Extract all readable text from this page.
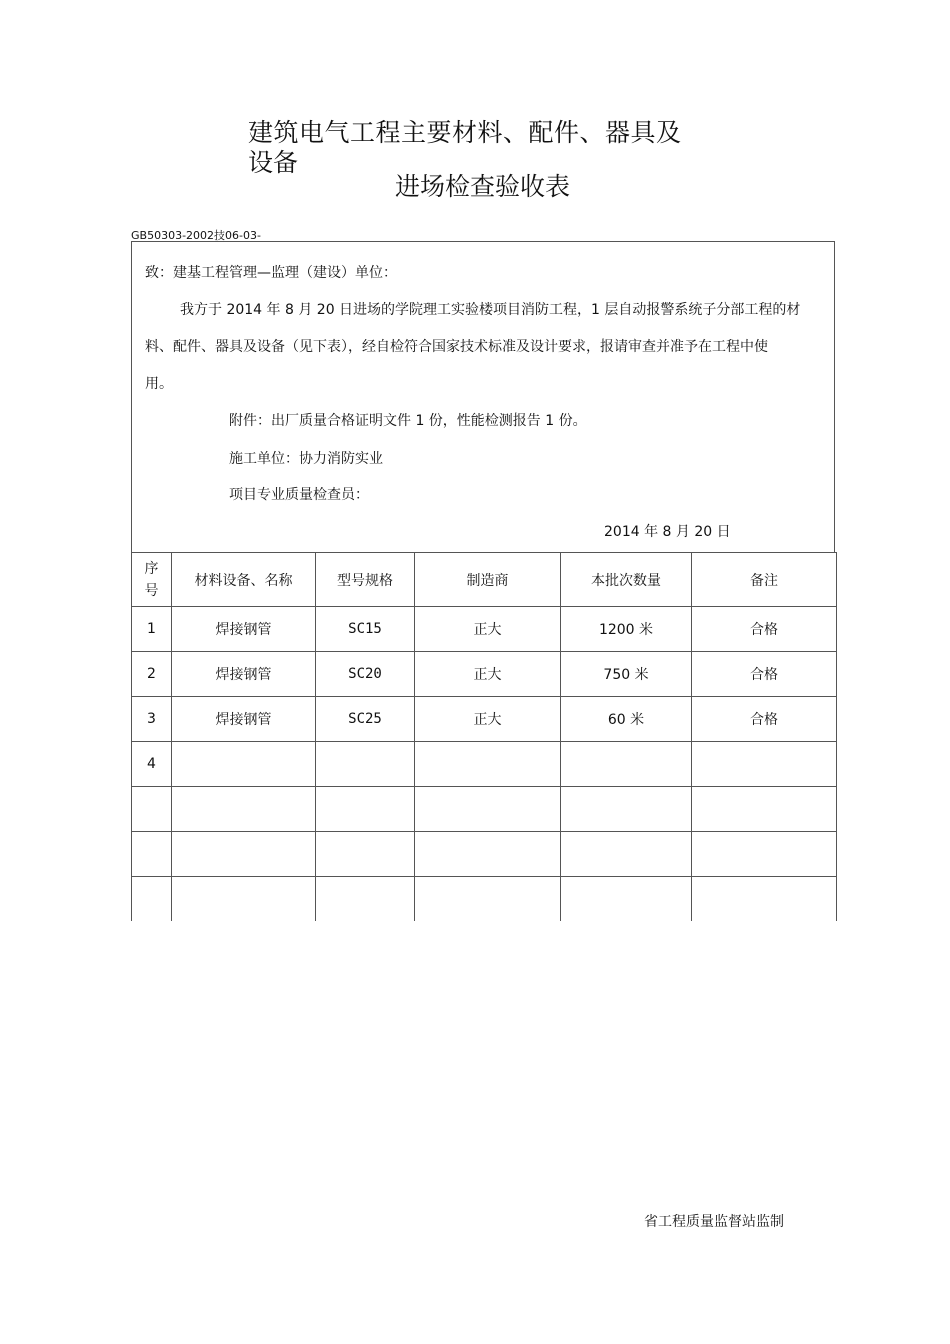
建筑电气工程主要材料、配件、器具及
设备
进场检查验收表
GB50303-2002技06-03-
致：建基工程管理—监理（建设）单位：
我方于 2014 年 8 月 20 日进场的学院理工实验楼项目消防工程，1 层自动报警系统子分部工程的材
料、配件、器具及设备（见下表），经自检符合国家技术标准及设计要求，报请审查并准予在工程中使
用。
附件：出厂质量合格证明文件 1 份，性能检测报告 1 份。
施工单位：协力消防实业
项目专业质量检查员：
2014 年 8 月 20 日
序
号	材料设备、名称	型号规格	制造商	本批次数量	备注
1	焊接钢管	SC15	正大	1200 米	合格
2	焊接钢管	SC20	正大	750 米	合格
3	焊接钢管	SC25	正大	60 米	合格
4					

省工程质量监督站监制
